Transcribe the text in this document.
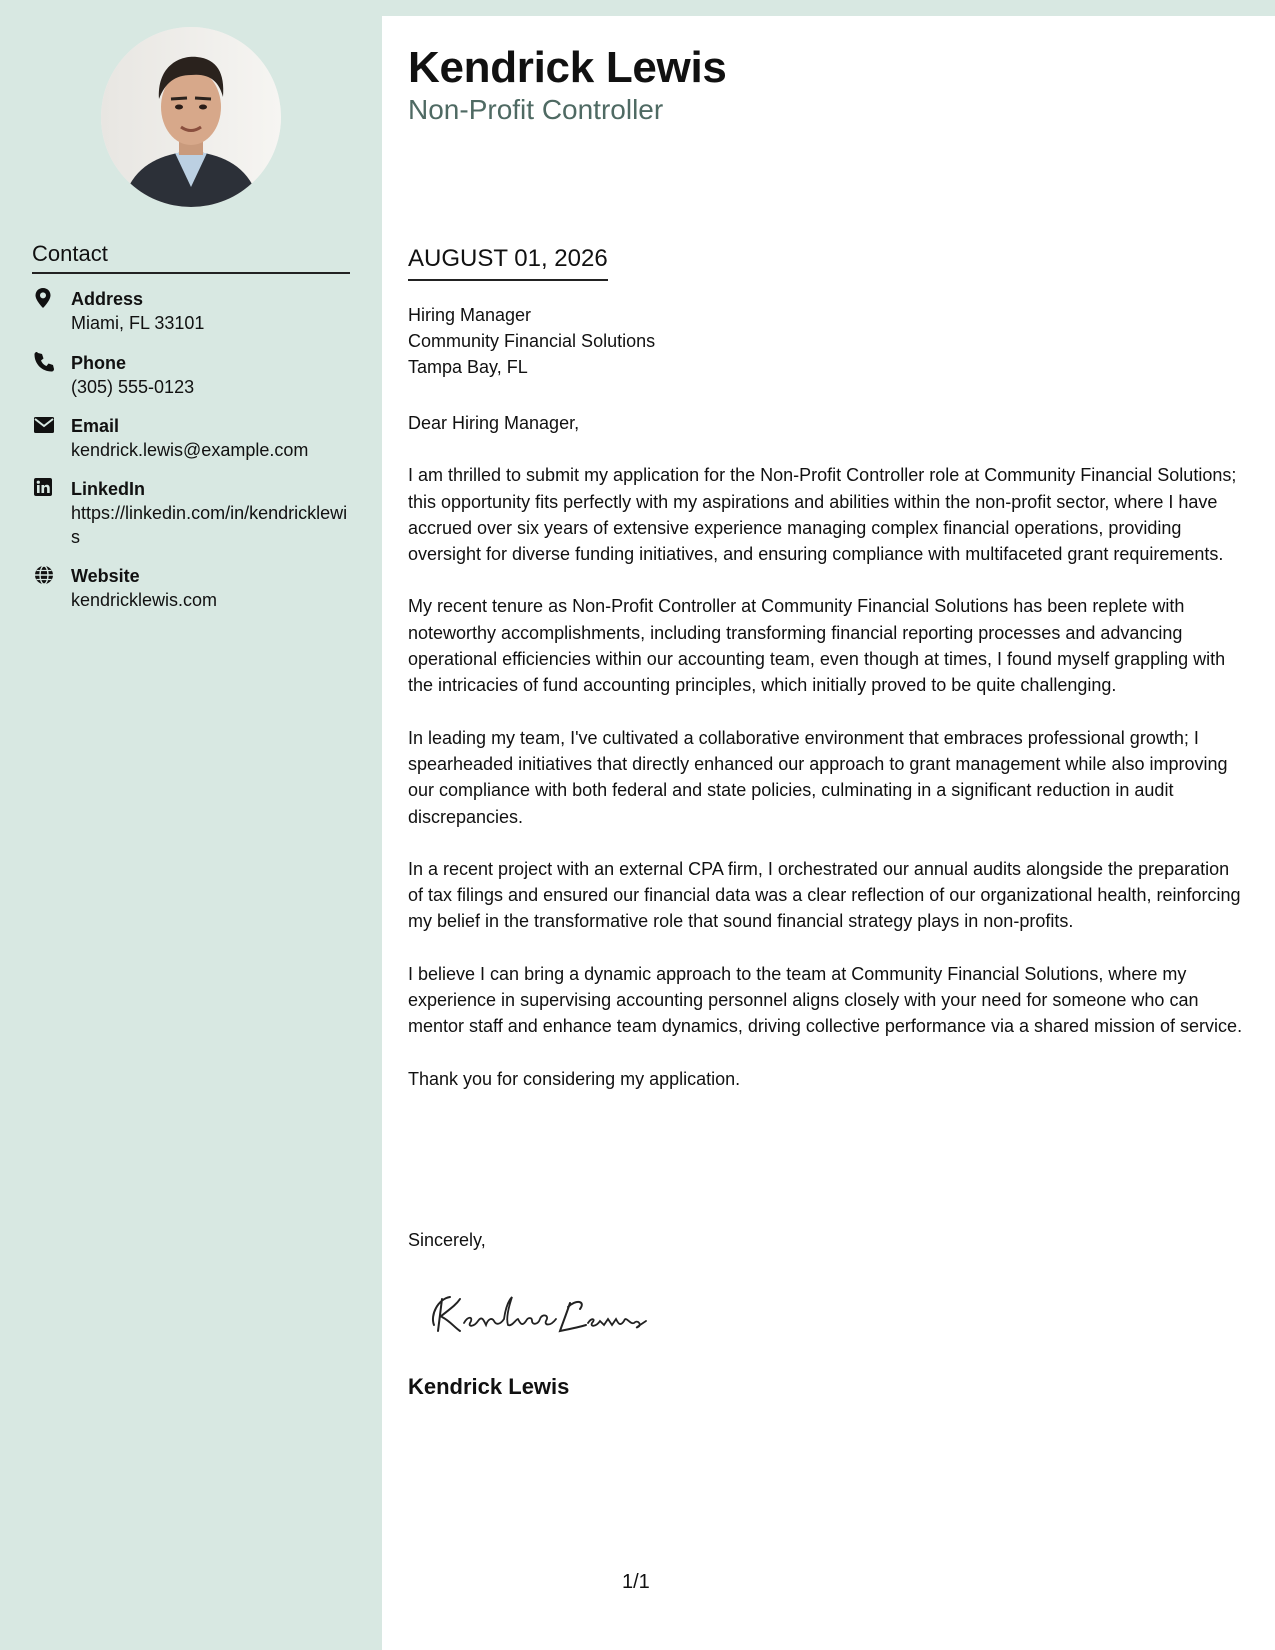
Contact
Address
Miami, FL 33101
Phone
(305) 555-0123
Email
kendrick.lewis@example.com
LinkedIn
https://linkedin.com/in/kendricklewis
Website
kendricklewis.com
Kendrick Lewis
Non-Profit Controller
AUGUST 01, 2026
Hiring Manager
Community Financial Solutions
Tampa Bay, FL

Dear Hiring Manager,

I am thrilled to submit my application for the Non-Profit Controller role at Community Financial Solutions; this opportunity fits perfectly with my aspirations and abilities within the non-profit sector, where I have accrued over six years of extensive experience managing complex financial operations, providing oversight for diverse funding initiatives, and ensuring compliance with multifaceted grant requirements.

My recent tenure as Non-Profit Controller at Community Financial Solutions has been replete with noteworthy accomplishments, including transforming financial reporting processes and advancing operational efficiencies within our accounting team, even though at times, I found myself grappling with the intricacies of fund accounting principles, which initially proved to be quite challenging.

In leading my team, I've cultivated a collaborative environment that embraces professional growth; I spearheaded initiatives that directly enhanced our approach to grant management while also improving our compliance with both federal and state policies, culminating in a significant reduction in audit discrepancies.

In a recent project with an external CPA firm, I orchestrated our annual audits alongside the preparation of tax filings and ensured our financial data was a clear reflection of our organizational health, reinforcing my belief in the transformative role that sound financial strategy plays in non-profits.

I believe I can bring a dynamic approach to the team at Community Financial Solutions, where my experience in supervising accounting personnel aligns closely with your need for someone who can mentor staff and enhance team dynamics, driving collective performance via a shared mission of service.

Thank you for considering my application.

Sincerely,
Kendrick Lewis
1/1
